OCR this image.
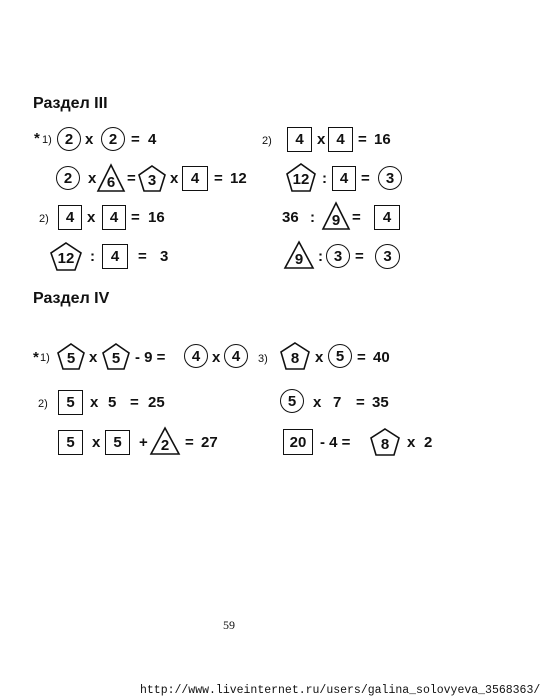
Раздел III
* 1) 2 x	2 = 4
2	x 6 = 3 x 4 = 12
2)	4 x 4 = 16
12	:	4	= 3
2)	4 x 4 = 16
12 : 4 =	3
36 :	9 =	4
9 : 3 =	3
Раздел IV
* 1)	5 x 5 - 9 =	4 x 4	3)	8	x 5 = 40
5	x 7 = 35
20 - 4 =	8	x 2
2)	5	x 5 = 25
5	x 5	+ 2	= 27
59
http://www.liveinternet.ru/users/galina_solovyeva_3568363/
